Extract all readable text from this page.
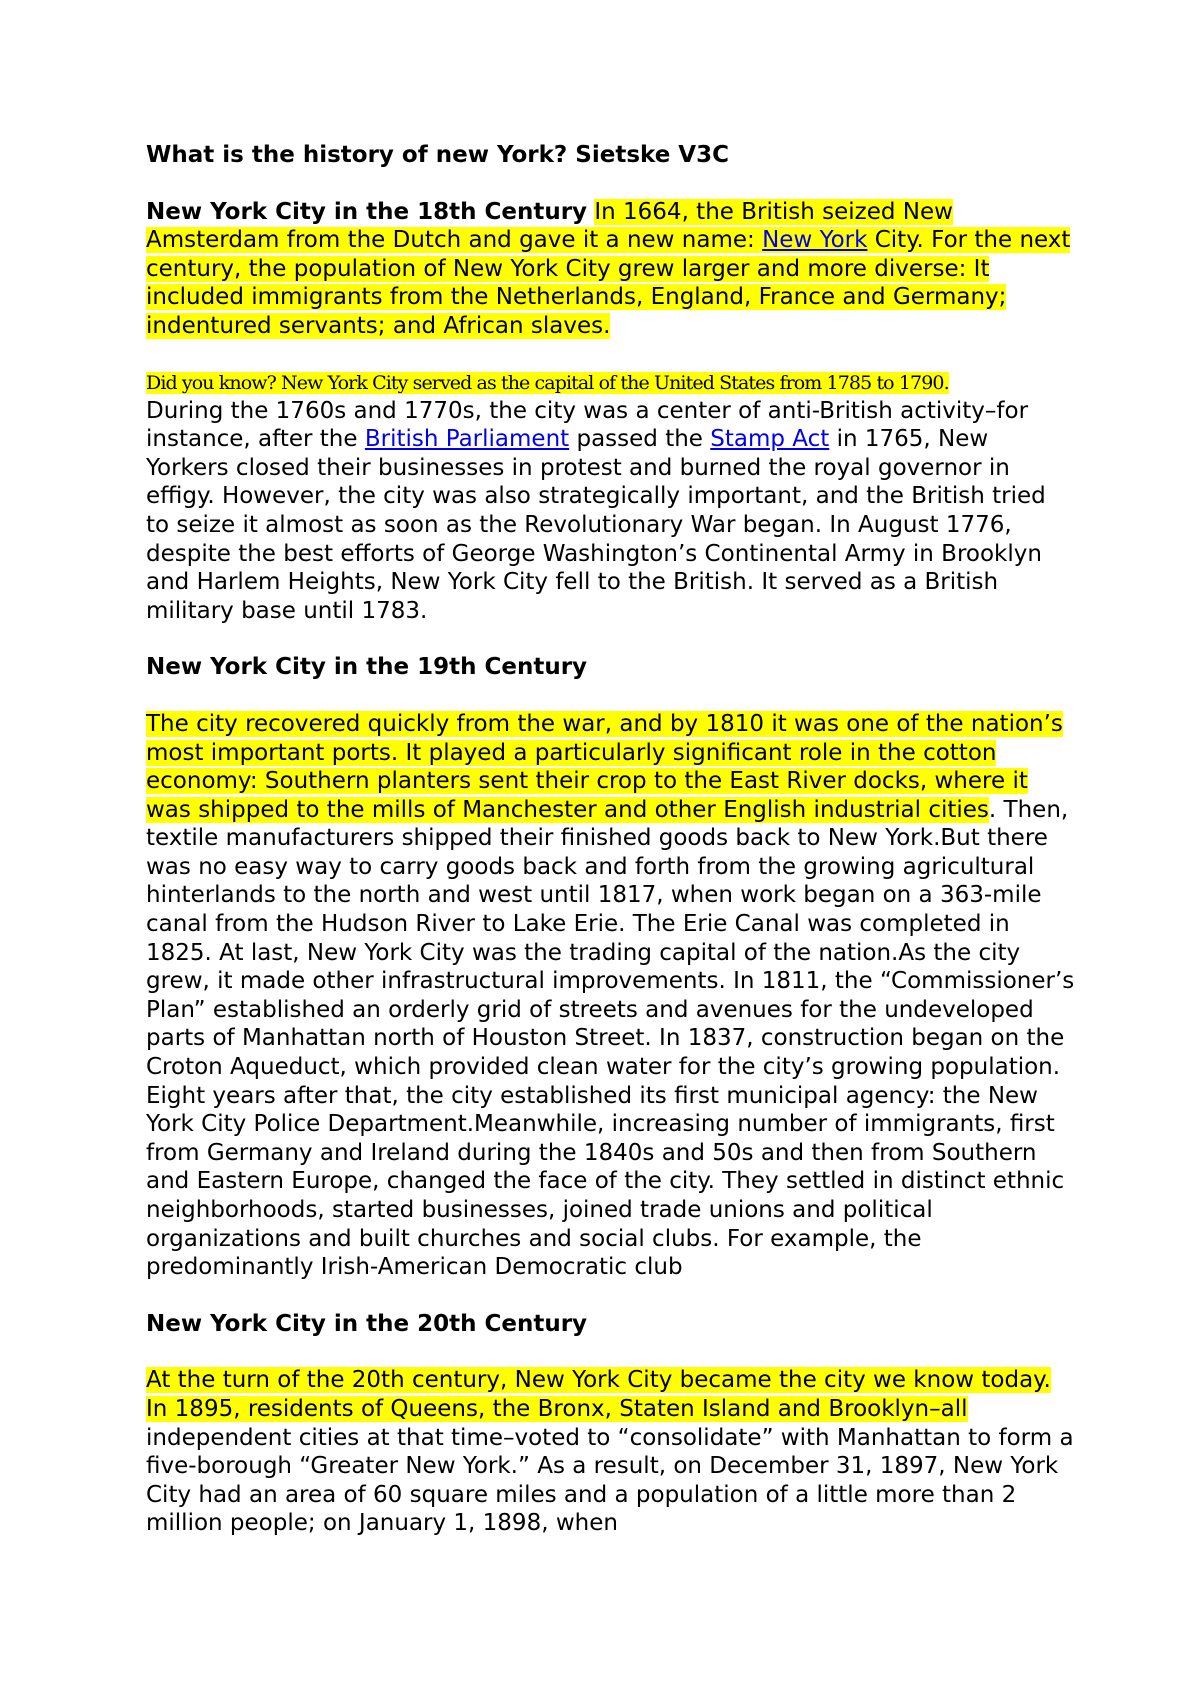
What is the history of new York? Sietske V3C

New York City in the 18th Century In 1664, the British seized New Amsterdam from the Dutch and gave it a new name: New York City. For the next century, the population of New York City grew larger and more diverse: It included immigrants from the Netherlands, England, France and Germany; indentured servants; and African slaves.

Did you know? New York City served as the capital of the United States from 1785 to 1790.

During the 1760s and 1770s, the city was a center of anti-British activity–for instance, after the British Parliament passed the Stamp Act in 1765, New Yorkers closed their businesses in protest and burned the royal governor in effigy. However, the city was also strategically important, and the British tried to seize it almost as soon as the Revolutionary War began. In August 1776, despite the best efforts of George Washington’s Continental Army in Brooklyn and Harlem Heights, New York City fell to the British. It served as a British military base until 1783.

New York City in the 19th Century

The city recovered quickly from the war, and by 1810 it was one of the nation’s most important ports. It played a particularly significant role in the cotton economy: Southern planters sent their crop to the East River docks, where it was shipped to the mills of Manchester and other English industrial cities. Then, textile manufacturers shipped their finished goods back to New York.But there was no easy way to carry goods back and forth from the growing agricultural hinterlands to the north and west until 1817, when work began on a 363-mile canal from the Hudson River to Lake Erie. The Erie Canal was completed in 1825. At last, New York City was the trading capital of the nation.As the city grew, it made other infrastructural improvements. In 1811, the “Commissioner’s Plan” established an orderly grid of streets and avenues for the undeveloped parts of Manhattan north of Houston Street. In 1837, construction began on the Croton Aqueduct, which provided clean water for the city’s growing population. Eight years after that, the city established its first municipal agency: the New York City Police Department.Meanwhile, increasing number of immigrants, first from Germany and Ireland during the 1840s and 50s and then from Southern and Eastern Europe, changed the face of the city. They settled in distinct ethnic neighborhoods, started businesses, joined trade unions and political organizations and built churches and social clubs. For example, the predominantly Irish-American Democratic club

New York City in the 20th Century

At the turn of the 20th century, New York City became the city we know today. In 1895, residents of Queens, the Bronx, Staten Island and Brooklyn–all independent cities at that time–voted to “consolidate” with Manhattan to form a five-borough “Greater New York.” As a result, on December 31, 1897, New York City had an area of 60 square miles and a population of a little more than 2 million people; on January 1, 1898, when
